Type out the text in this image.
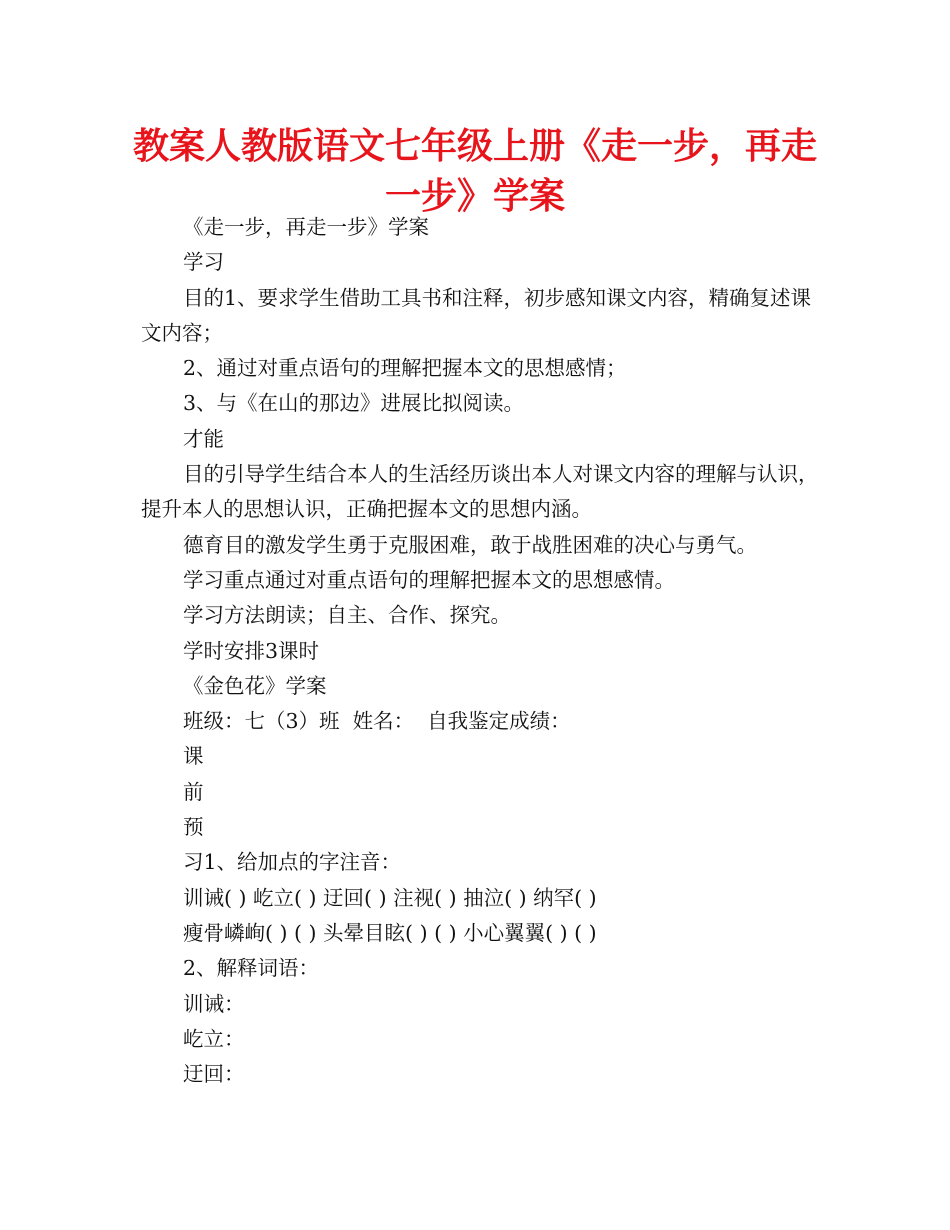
教案人教版语文七年级上册《走一步，再走一步》学案

《走一步，再走一步》学案

学习

目的1、要求学生借助工具书和注释，初步感知课文内容，精确复述课文内容；

2、通过对重点语句的理解把握本文的思想感情；

3、与《在山的那边》进展比拟阅读。

才能

目的引导学生结合本人的生活经历谈出本人对课文内容的理解与认识，提升本人的思想认识，正确把握本文的思想内涵。

德育目的激发学生勇于克服困难，敢于战胜困难的决心与勇气。

学习重点通过对重点语句的理解把握本文的思想感情。

学习方法朗读；自主、合作、探究。

学时安排3课时

《金色花》学案

班级：七（3）班  姓名：  自我鉴定成绩：

课

前

预

习1、给加点的字注音：

训诫( ) 屹立( ) 迂回( ) 注视( ) 抽泣( ) 纳罕( )

瘦骨嶙峋( ) ( ) 头晕目眩( ) ( ) 小心翼翼( ) ( )

2、解释词语：

训诫：

屹立：

迂回：
